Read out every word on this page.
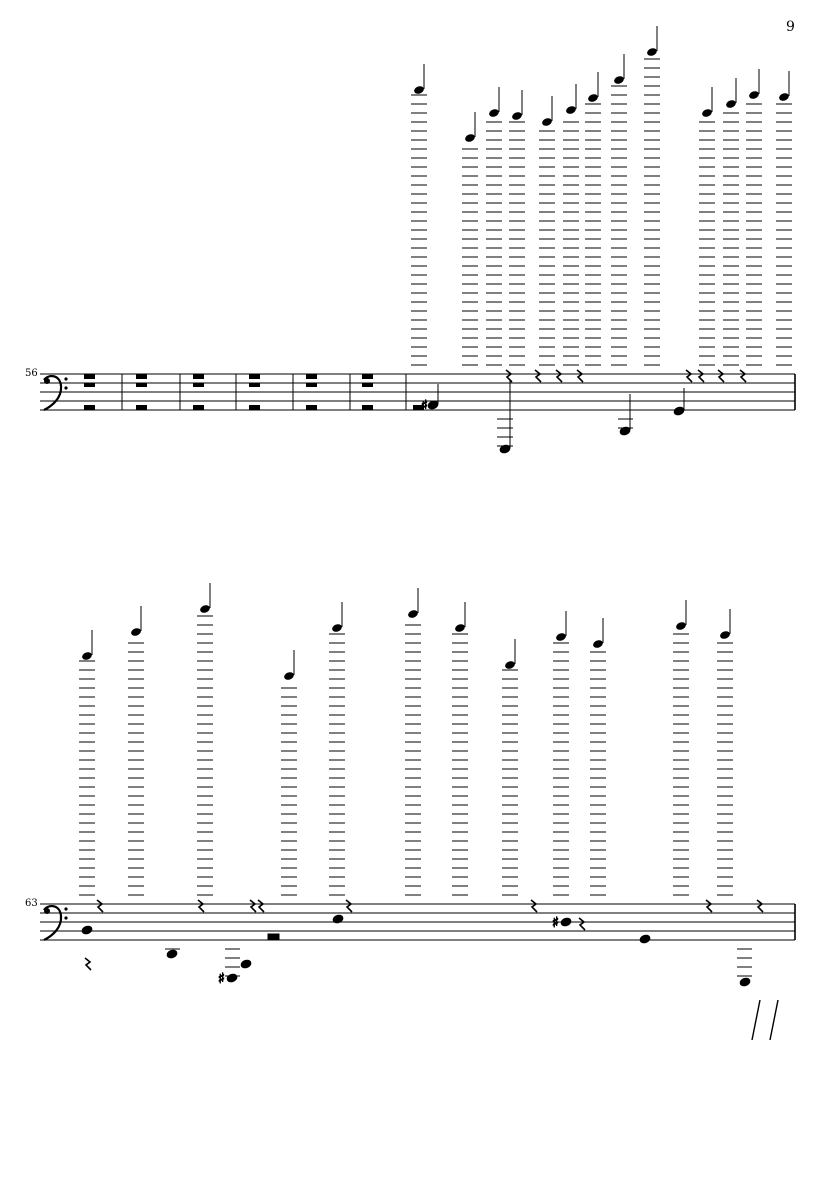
9
56
♯
63
♯
♯
